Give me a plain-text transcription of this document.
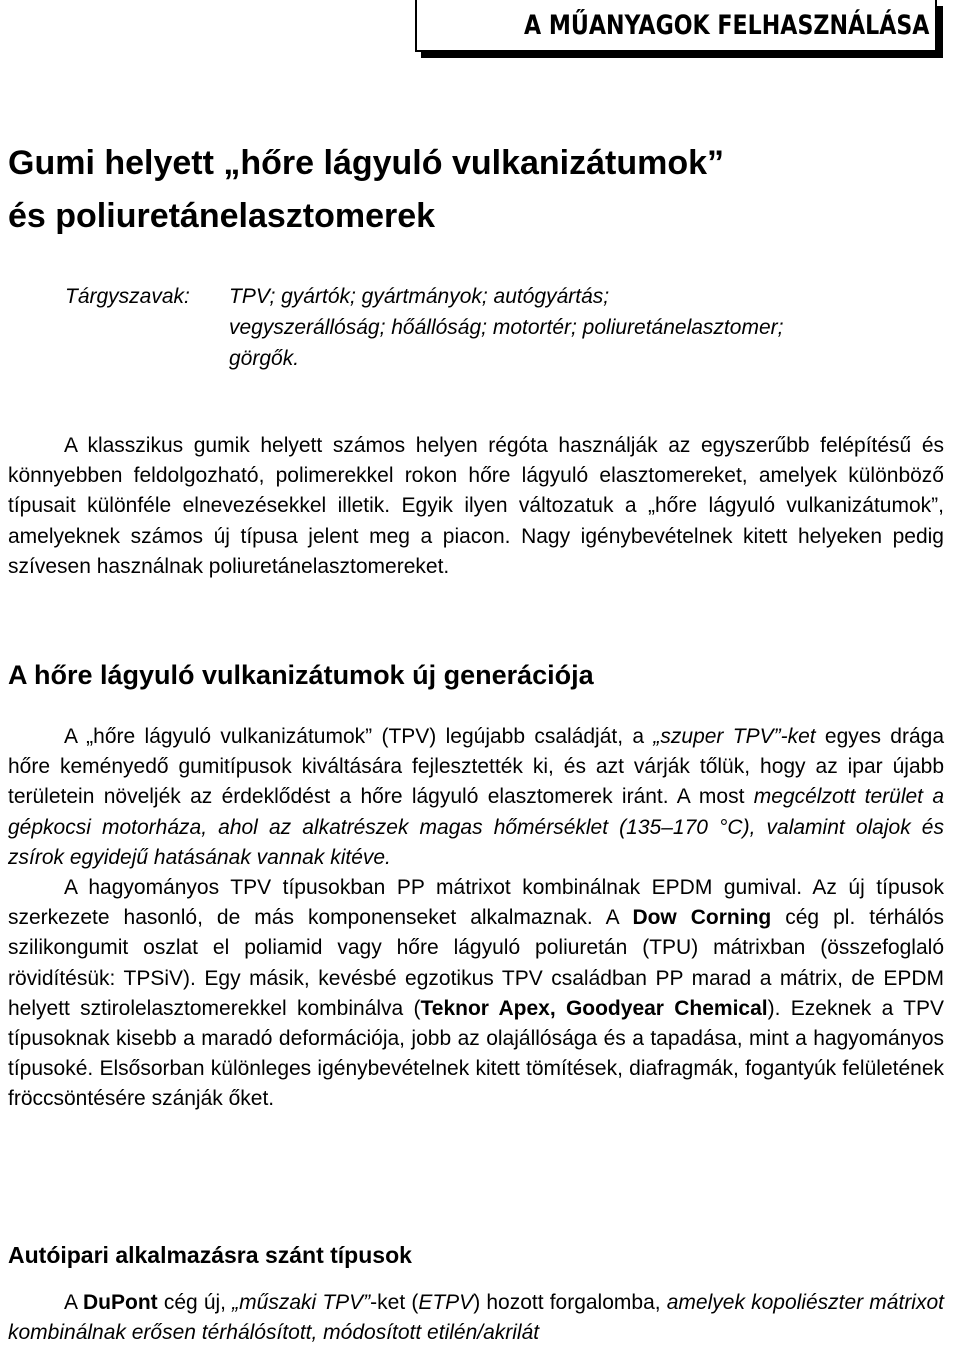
A MŰANYAGOK FELHASZNÁLÁSA
Gumi helyett „hőre lágyuló vulkanizátumok”
és poliuretánelasztomerek
Tárgyszavak: TPV; gyártók; gyártmányok; autógyártás;
vegyszerállóság; hőállóság; motortér; poliuretánelasztomer;
görgők.

A klasszikus gumik helyett számos helyen régóta használják az egyszerűbb felépítésű és könnyebben feldolgozható, polimerekkel rokon hőre lágyuló elasztomereket, amelyek különböző típusait különféle elnevezésekkel illetik. Egyik ilyen változatuk a „hőre lágyuló vulkanizátumok”, amelyeknek számos új típusa jelent meg a piacon. Nagy igénybevételnek kitett helyeken pedig szívesen használnak poliuretánelasztomereket.

A hőre lágyuló vulkanizátumok új generációja

A „hőre lágyuló vulkanizátumok” (TPV) legújabb családját, a „szuper TPV”-ket egyes drága hőre keményedő gumitípusok kiváltására fejlesztették ki, és azt várják tőlük, hogy az ipar újabb területein növeljék az érdeklődést a hőre lágyuló elasztomerek iránt. A most megcélzott terület a gépkocsi motorháza, ahol az alkatrészek magas hőmérséklet (135–170 °C), valamint olajok és zsírok egyidejű hatásának vannak kitéve.

A hagyományos TPV típusokban PP mátrixot kombinálnak EPDM gumival. Az új típusok szerkezete hasonló, de más komponenseket alkalmaznak. A Dow Corning cég pl. térhálós szilikongumit oszlat el poliamid vagy hőre lágyuló poliuretán (TPU) mátrixban (összefoglaló rövidítésük: TPSiV). Egy másik, kevésbé egzotikus TPV családban PP marad a mátrix, de EPDM helyett sztirolelasztomerekkel kombinálva (Teknor Apex, Goodyear Chemical). Ezeknek a TPV típusoknak kisebb a maradó deformációja, jobb az olajállósága és a tapadása, mint a hagyományos típusoké. Elsősorban különleges igénybevételnek kitett tömítések, diafragmák, fogantyúk felületének fröccsöntésére szánják őket.

Autóipari alkalmazásra szánt típusok

A DuPont cég új, „műszaki TPV”-ket (ETPV) hozott forgalomba, amelyek kopoliészter mátrixot kombinálnak erősen térhálósított, módosított etilén/akrilát
